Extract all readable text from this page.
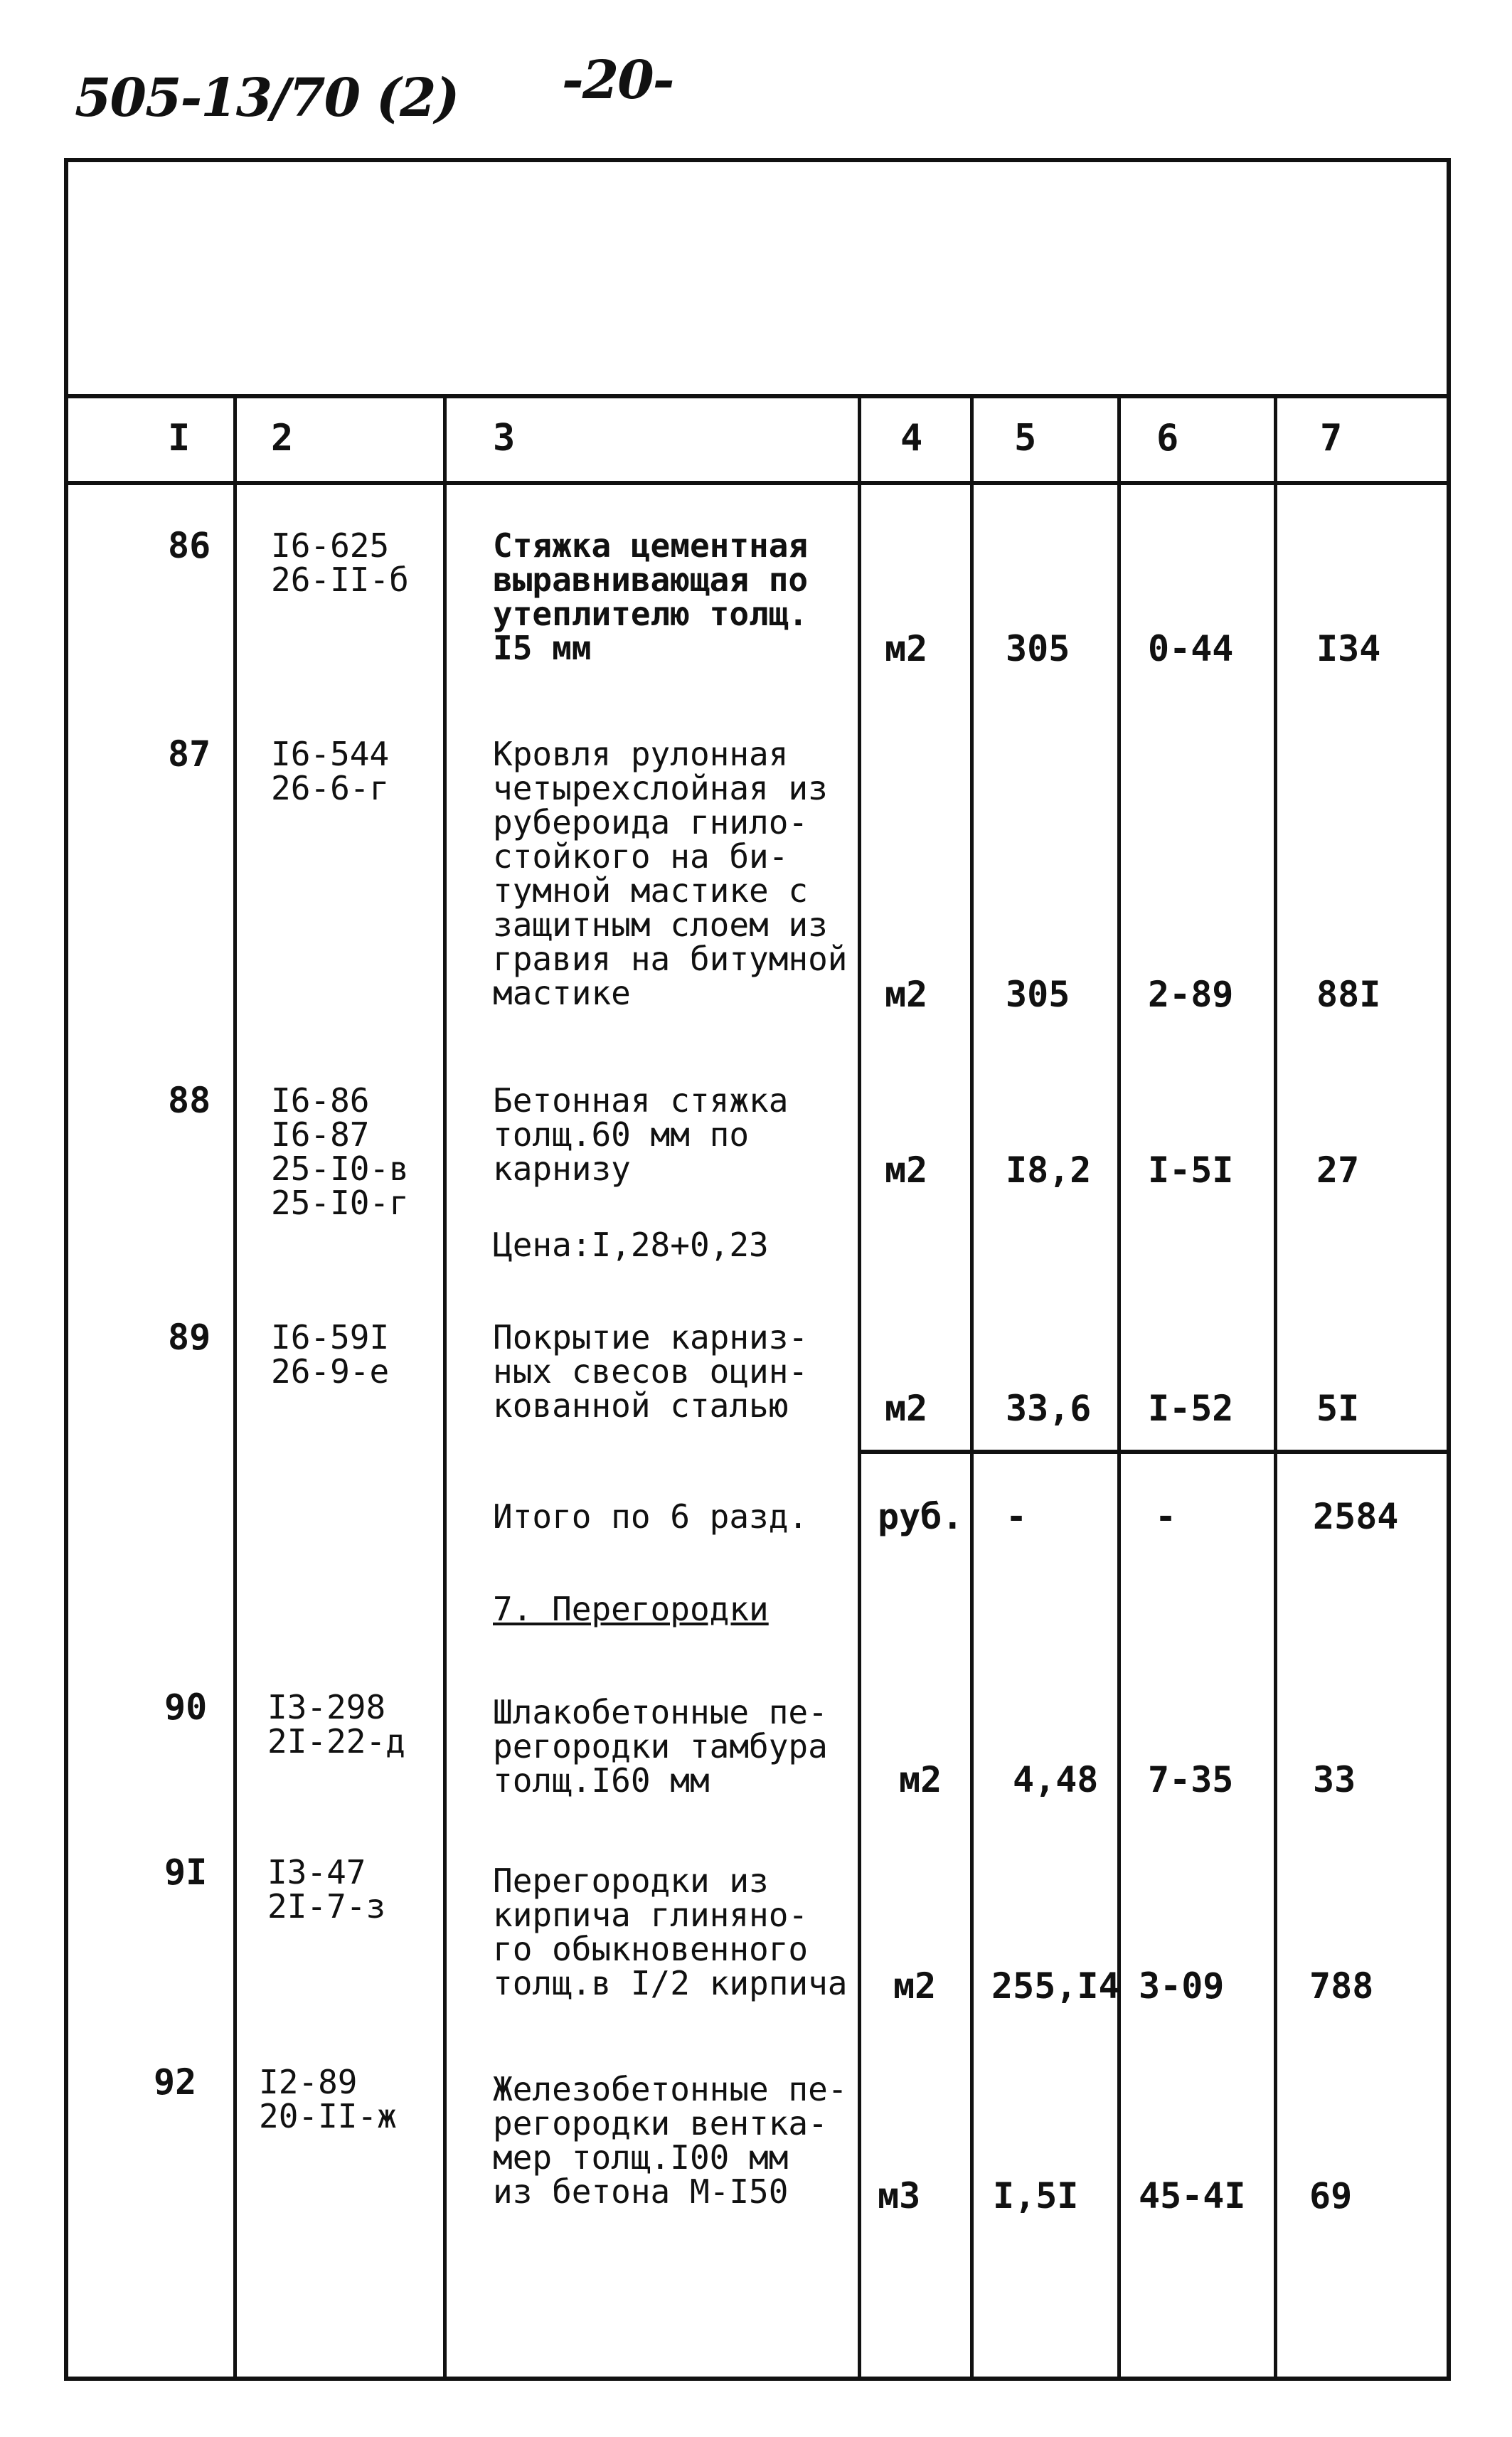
505-13/70 (2) -20-
I 2	3	4 5	6	7
86 I6-625
26-II-б
Стяжка цементная
выравнивающая по
утеплителю толщ.
I5 мм	м2 305 0-44 I34
87 I6-544
26-6-г
Кровля рулонная
четырехслойная из
рубероида гнило-
стойкого на би-
тумной мастике с
защитным слоем из
гравия на битумной
мастике	м2 305 2-89 88I
88 I6-86
I6-87
25-I0-в
25-I0-г
Бетонная стяжка
толщ.60 мм по
карнизу
Цена:I,28+0,23
м2 I8,2 I-5I 27
89 I6-59I
26-9-е
Покрытие карниз-
ных свесов оцин-
кованной сталью	м2 33,6 I-52 5I
Итого по 6 разд. руб. -	-	2584
7. Перегородки
90 I3-298
2I-22-д
Шлакобетонные пе-
регородки тамбура
толщ.I60 мм	м2 4,48 7-35 33
9I I3-47
2I-7-з
Перегородки из
кирпича глиняно-
го обыкновенного
толщ.в I/2 кирпича м2 255,I4 3-09 788
92 I2-89
20-II-ж
Железобетонные пе-
регородки вентка-
мер толщ.I00 мм
из бетона М-I50	м3 I,5I 45-4I 69
